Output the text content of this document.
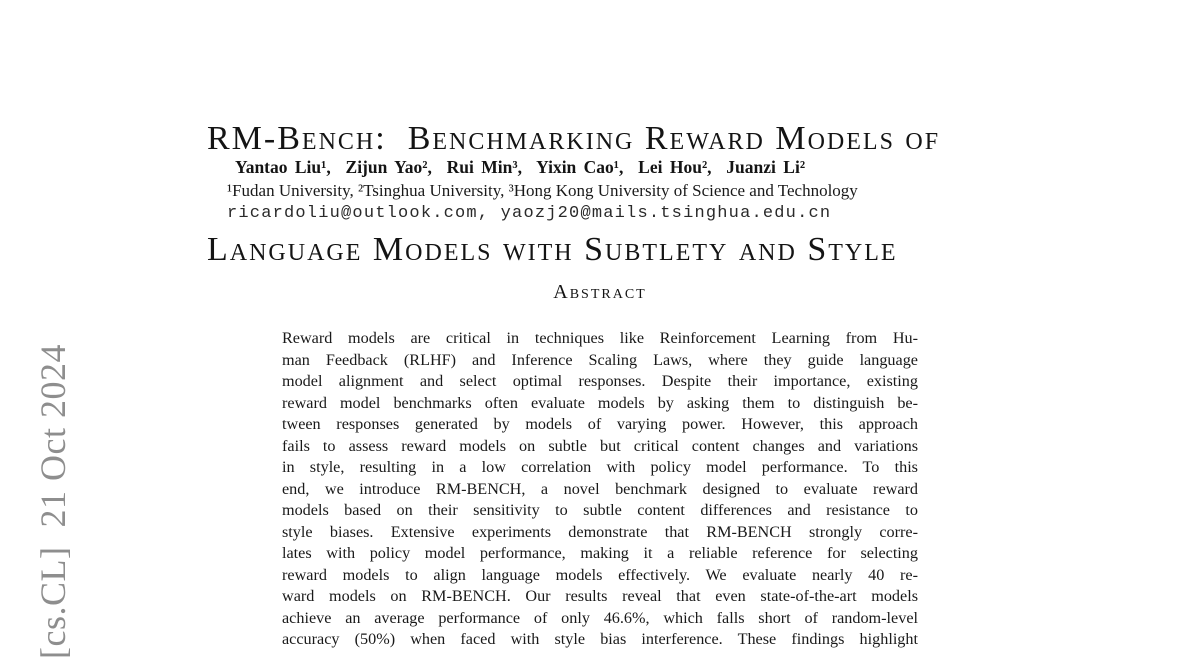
[cs.CL]  21 Oct 2024

RM-Bench:  Benchmarking Reward Models of

Language Models with Subtlety and Style

Yantao Liu¹,  Zijun Yao²,  Rui Min³,  Yixin Cao¹,  Lei Hou²,  Juanzi Li²
¹Fudan University, ²Tsinghua University, ³Hong Kong University of Science and Technology
ricardoliu@outlook.com, yaozj20@mails.tsinghua.edu.cn
Abstract
Reward models are critical in techniques like Reinforcement Learning from Hu-
man Feedback (RLHF) and Inference Scaling Laws, where they guide language
model alignment and select optimal responses. Despite their importance, existing
reward model benchmarks often evaluate models by asking them to distinguish be-
tween responses generated by models of varying power. However, this approach
fails to assess reward models on subtle but critical content changes and variations
in style, resulting in a low correlation with policy model performance. To this
end, we introduce RM-BENCH, a novel benchmark designed to evaluate reward
models based on their sensitivity to subtle content differences and resistance to
style biases. Extensive experiments demonstrate that RM-BENCH strongly corre-
lates with policy model performance, making it a reliable reference for selecting
reward models to align language models effectively. We evaluate nearly 40 re-
ward models on RM-BENCH. Our results reveal that even state-of-the-art models
achieve an average performance of only 46.6%, which falls short of random-level
accuracy (50%) when faced with style bias interference. These findings highlight
